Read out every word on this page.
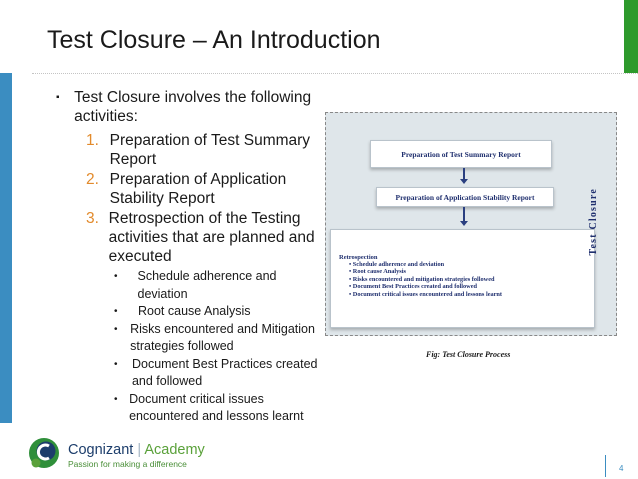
Test Closure – An Introduction
▪ Test Closure involves the following activities:
1. Preparation of Test Summary Report
2. Preparation of Application Stability Report
3. Retrospection of the Testing activities that are planned and executed
•	Schedule adherence and deviation
•	Root cause Analysis
•	Risks encountered and Mitigation strategies followed
•	Document Best Practices created and followed
• Document critical issues encountered and lessons learnt
Preparation of Test Summary Report
Preparation of Application Stability Report
Retrospection
• Schedule adherence and deviation
• Root cause Analysis
• Risks encountered and mitigation strategies followed
• Document Best Practices created and followed
• Document critical issues encountered and lessons learnt
Test Closure
Fig: Test Closure Process
Cognizant | Academy
Passion for making a difference	4
